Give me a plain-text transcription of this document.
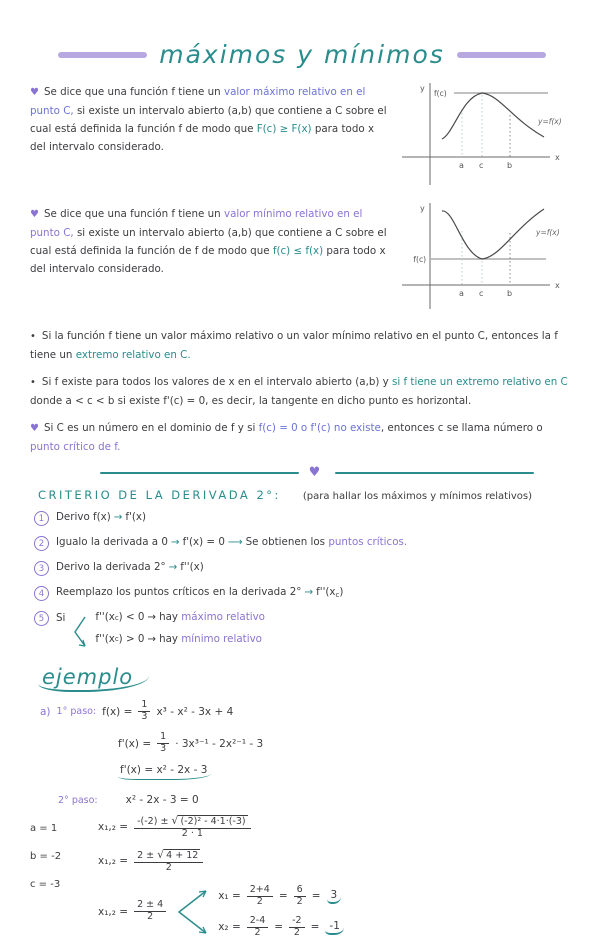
máximos y mínimos

♥ Se dice que una función f tiene un valor máximo relativo en el punto C, si existe un intervalo abierto (a,b) que contiene a C sobre el cual está definida la función f de modo que F(c) ≥ F(x) para todo x del intervalo considerado.

y
x
f(c)
a c	b
y=f(x)

♥ Se dice que una función f tiene un valor mínimo relativo en el punto C, si existe un intervalo abierto (a,b) que contiene a C sobre el cual está definida la función de f de modo que f(c) ≤ f(x) para todo x del intervalo considerado.

y
x
f(c)
a c	b
y=f(x)

• Si la función f tiene un valor máximo relativo o un valor mínimo relativo en el punto C, entonces la f tiene un extremo relativo en C.

• Si f existe para todos los valores de x en el intervalo abierto (a,b) y si f tiene un extremo relativo en C donde a < c < b si existe f'(c) = 0, es decir, la tangente en dicho punto es horizontal.

♥ Si C es un número en el dominio de f y si f(c) = 0 o f'(c) no existe, entonces c se llama número o punto crítico de f.

♥
CRITERIO DE LA DERIVADA 2°: (para hallar los máximos y mínimos relativos)
1	Derivo f(x) → f'(x)
2	Igualo la derivada a 0 → f'(x) = 0 ⟶ Se obtienen los puntos críticos.
3	Derivo la derivada 2° → f''(x)
4	Reemplazo los puntos críticos en la derivada $2^\circ \to f''(x_c)$
5	Si	f''(x c ) < 0 → hay
máximo relativo
f''(x c ) > 0 → hay
mínimo relativo
ejemplo
a) 1° paso: $f(x) = \frac{1}{3} x^3 - x^2 - 3x + 4$
$f'(x) = \frac{1}{3} \cdot 3x^{3-1} - 2x^{2-1} - 3$
f'(x) = x² - 2x - 3
2° paso:	x² - 2x - 3 = 0
a = 1
b = -2
c = -3
$x_1,_2 = \frac{\text{-(-2) ± √ (-2)² - 4·1·(-3)}}{2 \cdot 1}$
$x_1,_2 = \frac{2 \pm √ 4 + 12}{2}$
$x_1,_2 = \frac{2 \pm 4}{2}$
$x_1 = \frac{2+4}{2} = \frac{6}{2} = 3$
$x_2 = \frac{2-4}{2} = \frac{-2}{2} = -1$
